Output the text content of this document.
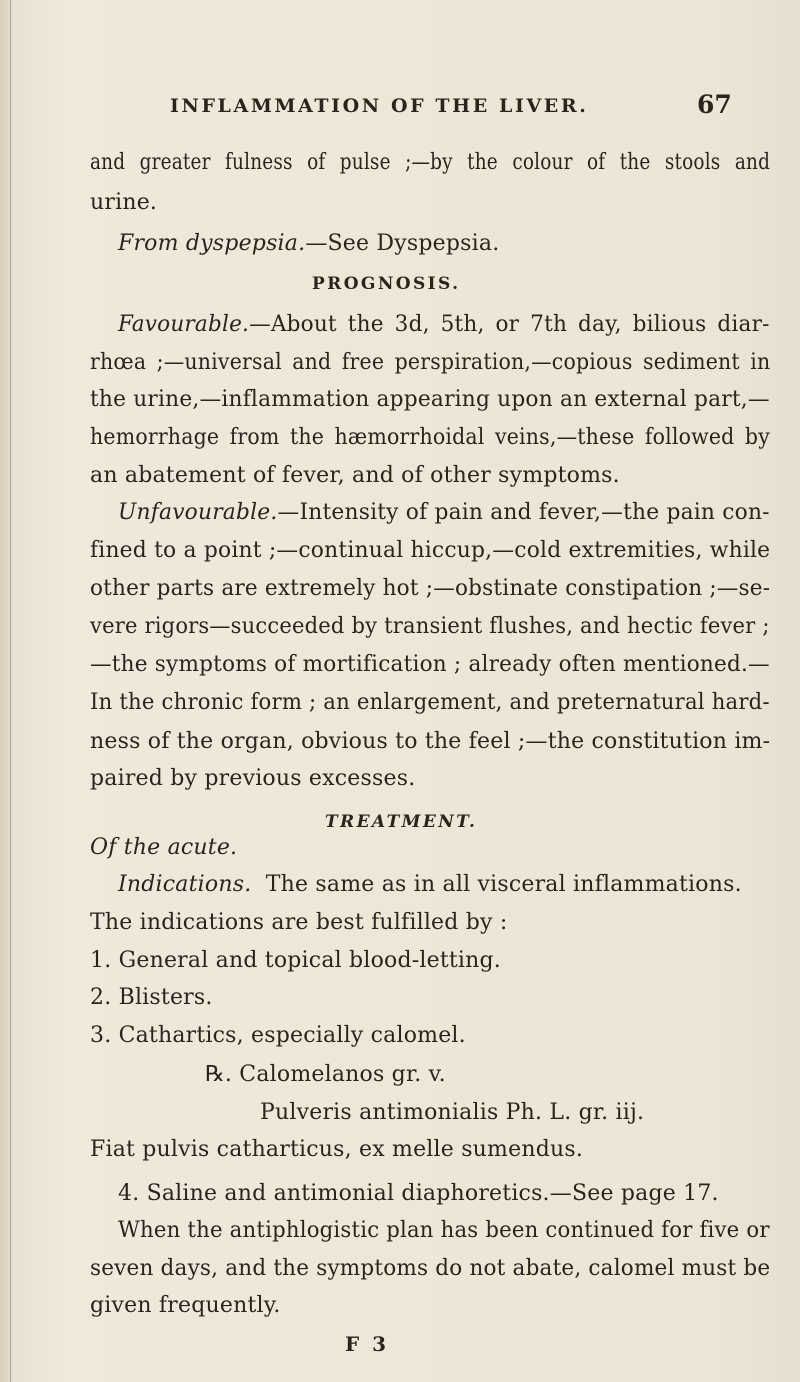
INFLAMMATION OF THE LIVER.	67
and greater fulness of pulse ;—by the colour of the stools and
urine.
From dyspepsia.—See Dyspepsia.
PROGNOSIS.
Favourable.—About the 3d, 5th, or 7th day, bilious diar-
rhœa ;—universal and free perspiration,—copious sediment in
the urine,—inflammation appearing upon an external part,—
hemorrhage from the hæmorrhoidal veins,—these followed by
an abatement of fever, and of other symptoms.
Unfavourable.—Intensity of pain and fever,—the pain con-
fined to a point ;—continual hiccup,—cold extremities, while
other parts are extremely hot ;—obstinate constipation ;—se-
vere rigors—succeeded by transient flushes, and hectic fever ;
—the symptoms of mortification ; already often mentioned.—
In the chronic form ; an enlargement, and preternatural hard-
ness of the organ, obvious to the feel ;—the constitution im-
paired by previous excesses.
TREATMENT.
Of the acute.
Indications. The same as in all visceral inflammations.
The indications are best fulfilled by :
1. General and topical blood-letting.
2. Blisters.
3. Cathartics, especially calomel.
℞. Calomelanos gr. v.
Pulveris antimonialis Ph. L. gr. iij.
Fiat pulvis catharticus, ex melle sumendus.
4. Saline and antimonial diaphoretics.—See page 17.
When the antiphlogistic plan has been continued for five or
seven days, and the symptoms do not abate, calomel must be
given frequently.
F 3
